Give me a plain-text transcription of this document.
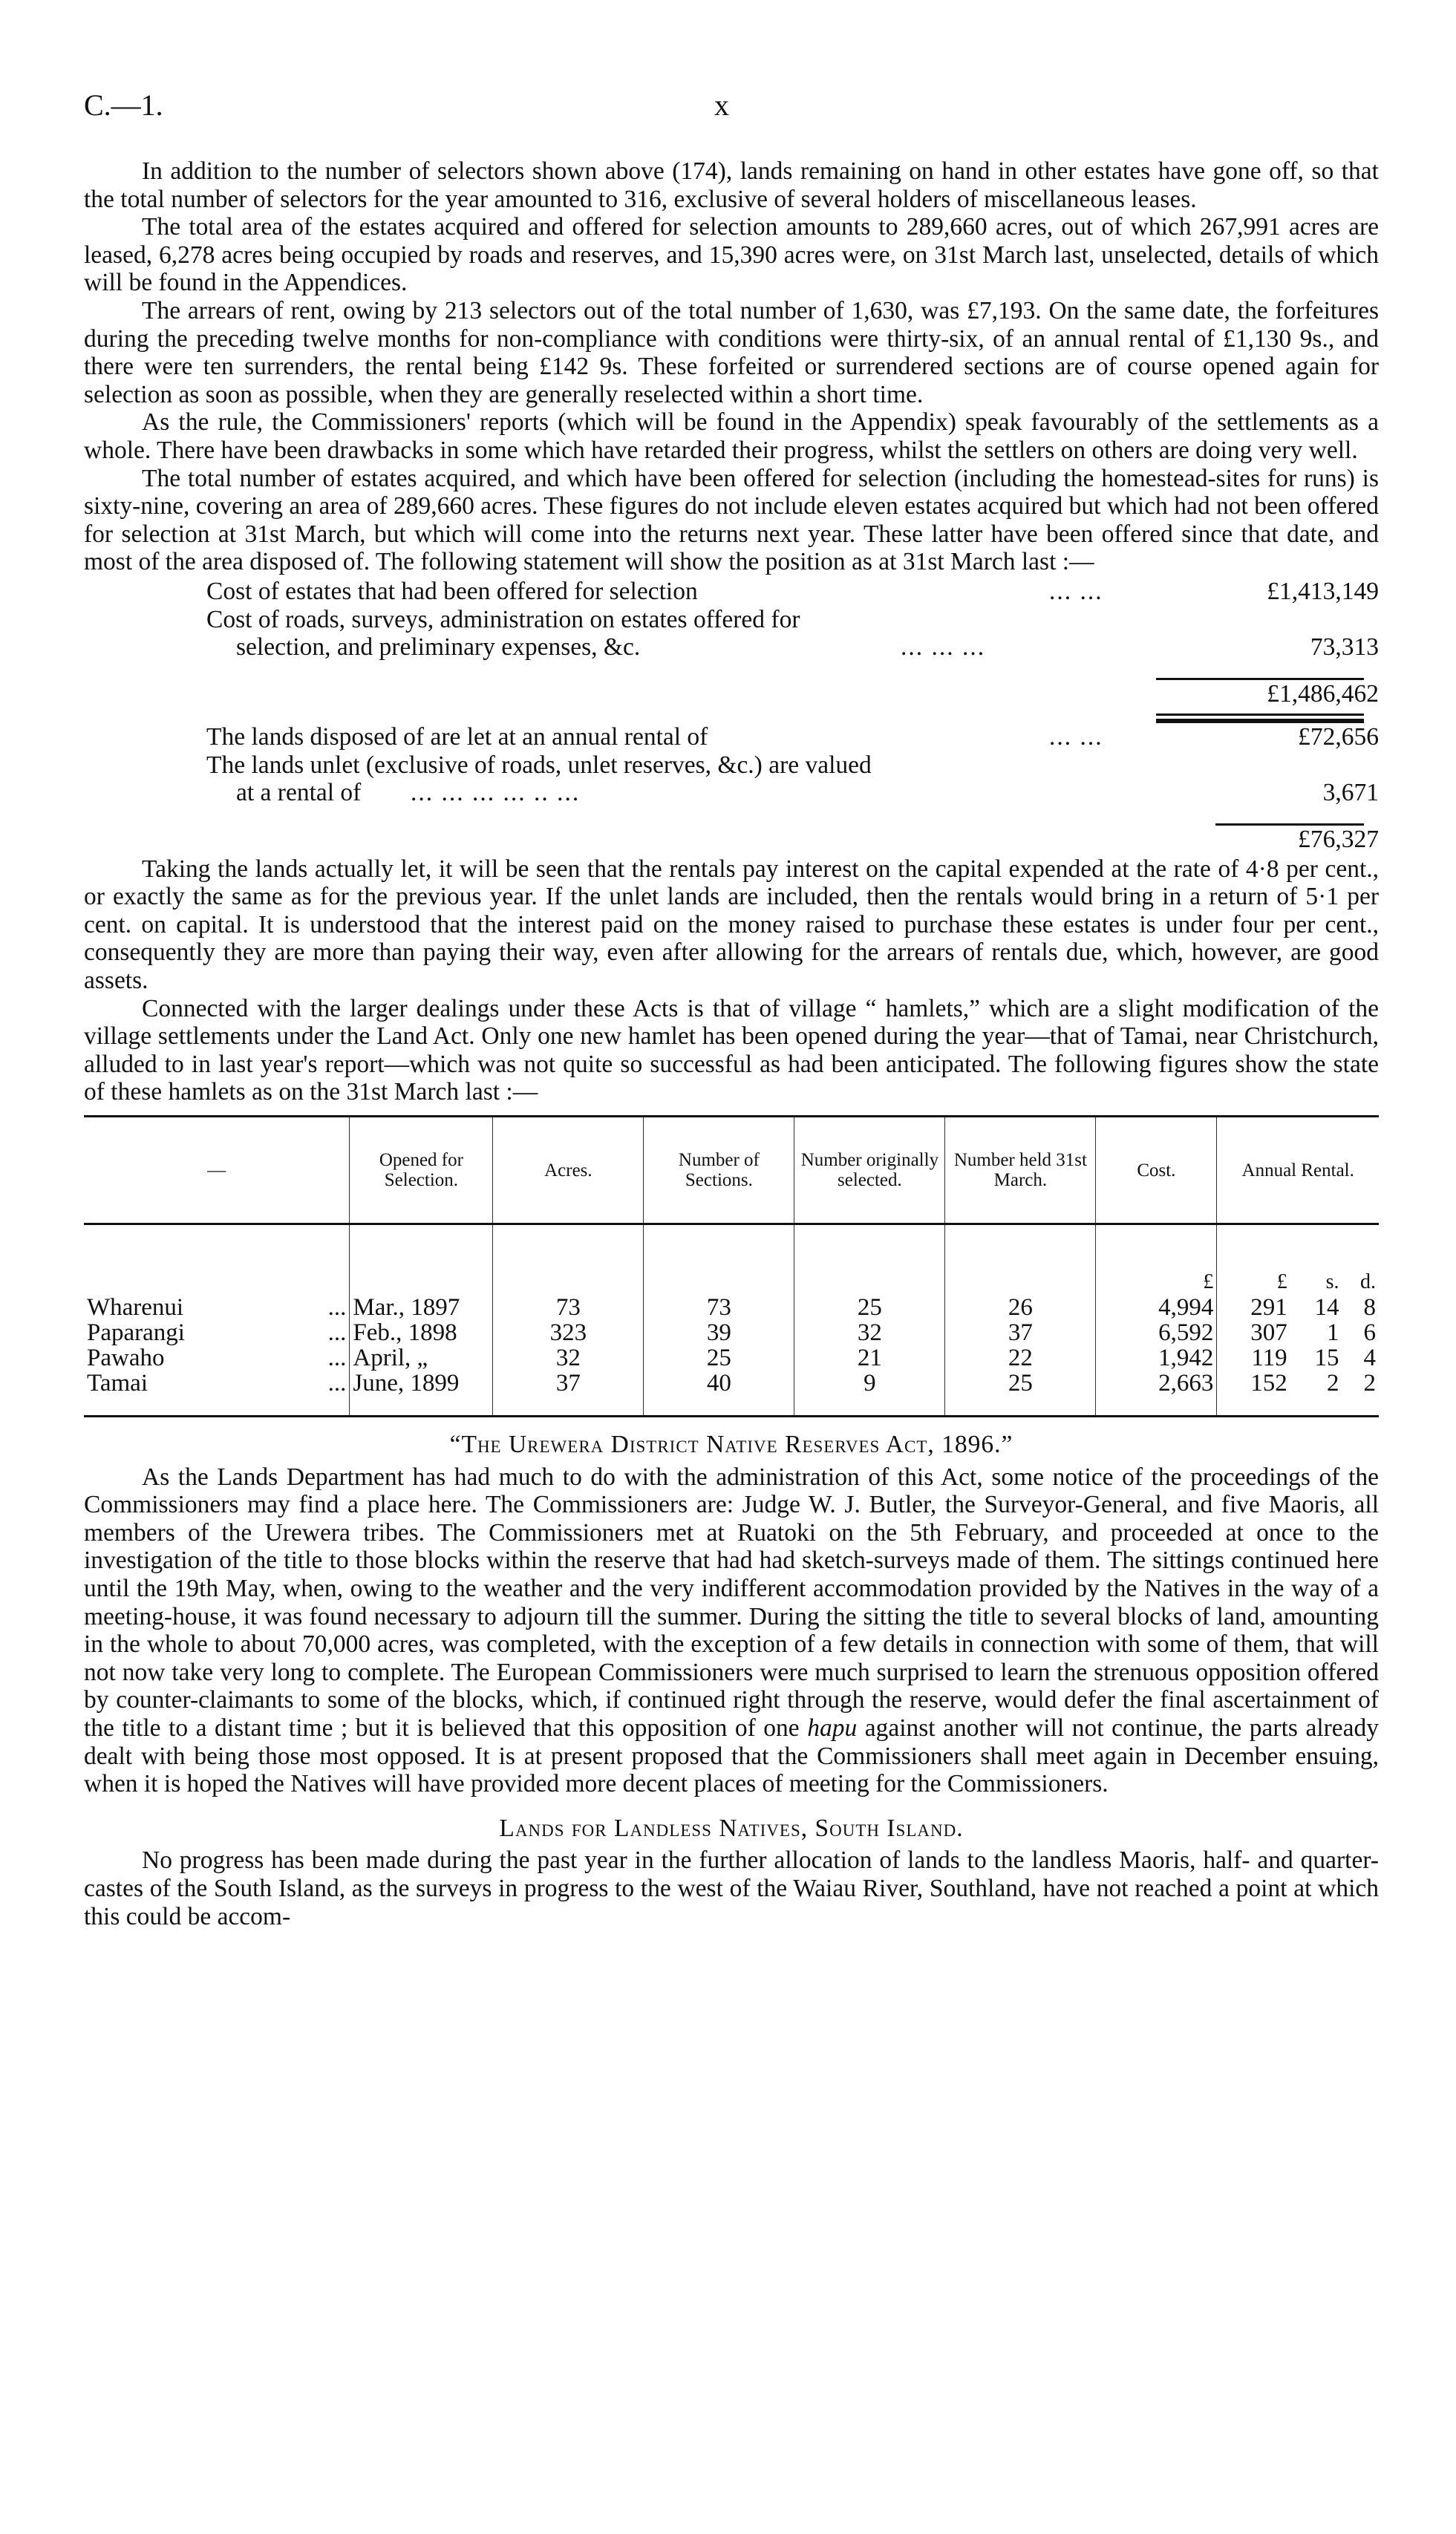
C.—1.	x

In addition to the number of selectors shown above (174), lands remaining on hand in other estates have gone off, so that the total number of selectors for the year amounted to 316, exclusive of several holders of miscellaneous leases.

The total area of the estates acquired and offered for selection amounts to 289,660 acres, out of which 267,991 acres are leased, 6,278 acres being occupied by roads and reserves, and 15,390 acres were, on 31st March last, unselected, details of which will be found in the Appendices.

The arrears of rent, owing by 213 selectors out of the total number of 1,630, was £7,193. On the same date, the forfeitures during the preceding twelve months for non-compliance with conditions were thirty-six, of an annual rental of £1,130 9s., and there were ten surrenders, the rental being £142 9s. These forfeited or surrendered sections are of course opened again for selection as soon as possible, when they are generally reselected within a short time.

As the rule, the Commissioners' reports (which will be found in the Appendix) speak favourably of the settlements as a whole. There have been drawbacks in some which have retarded their progress, whilst the settlers on others are doing very well.

The total number of estates acquired, and which have been offered for selection (including the homestead-sites for runs) is sixty-nine, covering an area of 289,660 acres. These figures do not include eleven estates acquired but which had not been offered for selection at 31st March, but which will come into the returns next year. These latter have been offered since that date, and most of the area disposed of. The following statement will show the position as at 31st March last :—

Cost of estates that had been offered for selection	... ...	£1,413,149
Cost of roads, surveys, administration on estates offered for
selection, and preliminary expenses, &c.	... ... ...	73,313
£1,486,462
The lands disposed of are let at an annual rental of	... ...	£72,656
The lands unlet (exclusive of roads, unlet reserves, &c.) are valued
at a rental of	... ... ... ... .. ...	3,671
£76,327

Taking the lands actually let, it will be seen that the rentals pay interest on the capital expended at the rate of 4·8 per cent., or exactly the same as for the previous year. If the unlet lands are included, then the rentals would bring in a return of 5·1 per cent. on capital. It is understood that the interest paid on the money raised to purchase these estates is under four per cent., consequently they are more than paying their way, even after allowing for the arrears of rentals due, which, however, are good assets.

Connected with the larger dealings under these Acts is that of village “ hamlets,” which are a slight modification of the village settlements under the Land Act. Only one new hamlet has been opened during the year—that of Tamai, near Christchurch, alluded to in last year's report—which was not quite so successful as had been anticipated. The following figures show the state of these hamlets as on the 31st March last :—

—		Opened for Selection.	Acres.	Number of Sections.	Number originally selected.	Number held 31st March.	Cost.	Annual Rental.		
							£	£	s.	d.
Wharenui	...	Mar., 1897	73	73	25	26	4,994	291	14	8
Paparangi	...	Feb., 1898	323	39	32	37	6,592	307	1	6
Pawaho	...	April, „	32	25	21	22	1,942	119	15	4
Tamai	...	June, 1899	37	40	9	25	2,663	152	2	2

“The Urewera District Native Reserves Act, 1896.”

As the Lands Department has had much to do with the administration of this Act, some notice of the proceedings of the Commissioners may find a place here. The Commissioners are: Judge W. J. Butler, the Surveyor-General, and five Maoris, all members of the Urewera tribes. The Commissioners met at Ruatoki on the 5th February, and proceeded at once to the investigation of the title to those blocks within the reserve that had had sketch-surveys made of them. The sittings continued here until the 19th May, when, owing to the weather and the very indifferent accommodation provided by the Natives in the way of a meeting-house, it was found necessary to adjourn till the summer. During the sitting the title to several blocks of land, amounting in the whole to about 70,000 acres, was completed, with the exception of a few details in connection with some of them, that will not now take very long to complete. The European Commissioners were much surprised to learn the strenuous opposition offered by counter-claimants to some of the blocks, which, if continued right through the reserve, would defer the final ascertainment of the title to a distant time ; but it is believed that this opposition of one hapu against another will not continue, the parts already dealt with being those most opposed. It is at present proposed that the Commissioners shall meet again in December ensuing, when it is hoped the Natives will have provided more decent places of meeting for the Commissioners.

Lands for Landless Natives, South Island.

No progress has been made during the past year in the further allocation of lands to the landless Maoris, half- and quarter-castes of the South Island, as the surveys in progress to the west of the Waiau River, Southland, have not reached a point at which this could be accom-
